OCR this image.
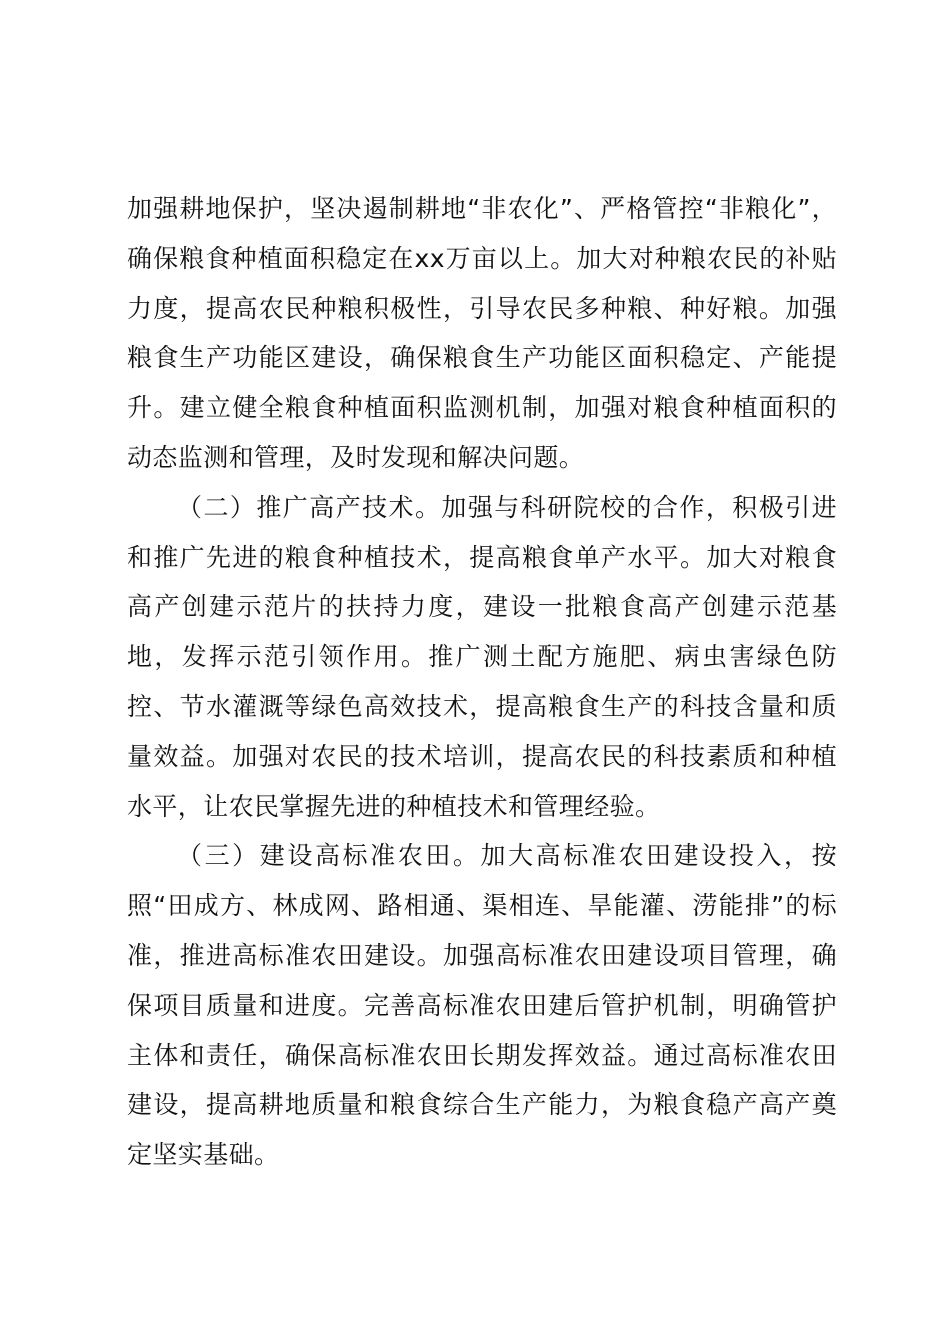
加强耕地保护，坚决遏制耕地“非农化”、严格管控“非粮化”，确保粮食种植面积稳定在xx万亩以上。加大对种粮农民的补贴力度，提高农民种粮积极性，引导农民多种粮、种好粮。加强粮食生产功能区建设，确保粮食生产功能区面积稳定、产能提升。建立健全粮食种植面积监测机制，加强对粮食种植面积的动态监测和管理，及时发现和解决问题。

（二）推广高产技术。加强与科研院校的合作，积极引进和推广先进的粮食种植技术，提高粮食单产水平。加大对粮食高产创建示范片的扶持力度，建设一批粮食高产创建示范基地，发挥示范引领作用。推广测土配方施肥、病虫害绿色防控、节水灌溉等绿色高效技术，提高粮食生产的科技含量和质量效益。加强对农民的技术培训，提高农民的科技素质和种植水平，让农民掌握先进的种植技术和管理经验。

（三）建设高标准农田。加大高标准农田建设投入，按照“田成方、林成网、路相通、渠相连、旱能灌、涝能排”的标准，推进高标准农田建设。加强高标准农田建设项目管理，确保项目质量和进度。完善高标准农田建后管护机制，明确管护主体和责任，确保高标准农田长期发挥效益。通过高标准农田建设，提高耕地质量和粮食综合生产能力，为粮食稳产高产奠定坚实基础。
